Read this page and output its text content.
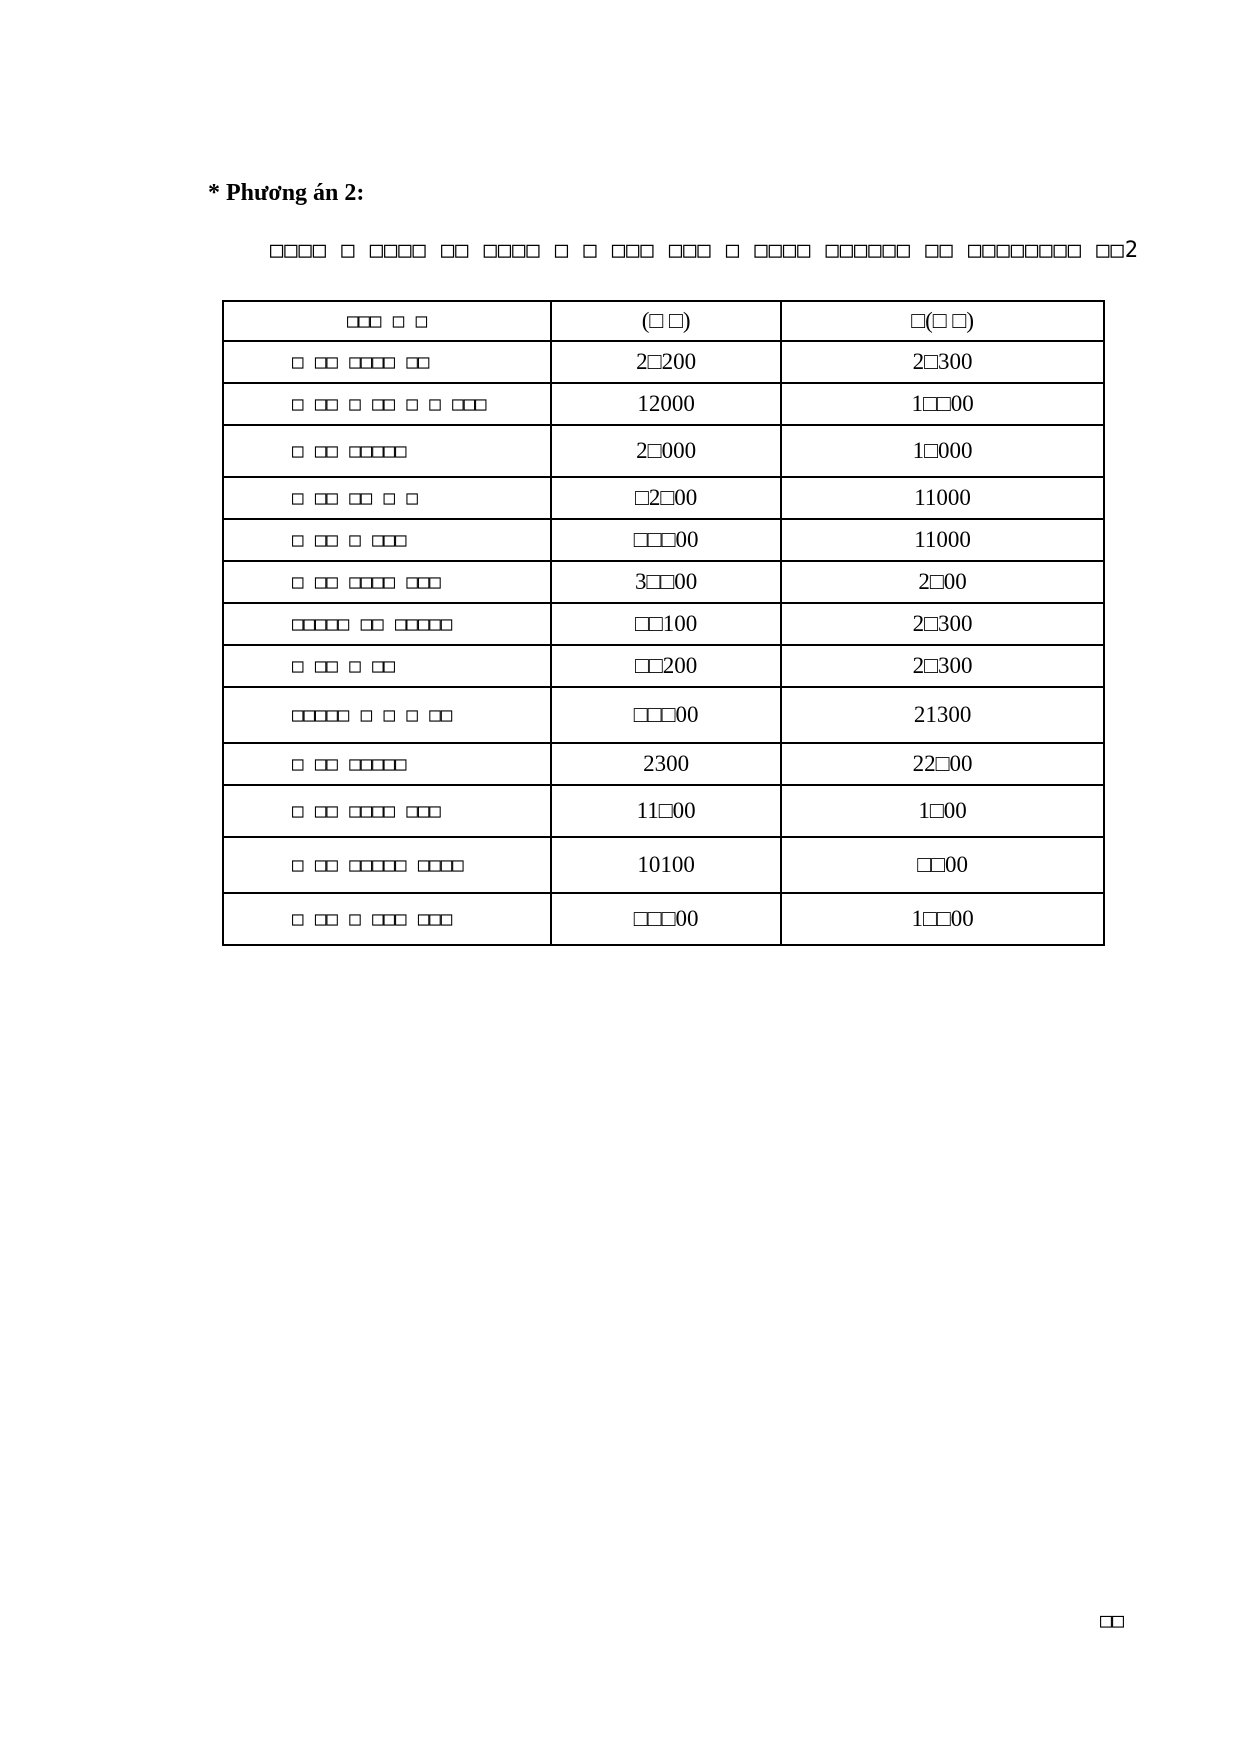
* Phương án 2:
□□□□ □ □□□□ □□ □□□□ □ □ □□□ □□□ □ □□□□ □□□□□□ □□ □□□□□□□□ □□2
□□□ □ □	(□ □)	□(□ □)
□ □□ □□□□ □□	2□200	2□300
□ □□ □ □□ □ □ □□□	12000	1□□00
□ □□ □□□□□	2□000	1□000
□ □□ □□ □ □	□2□00	11000
□ □□ □ □□□	□□□00	11000
□ □□ □□□□ □□□	3□□00	2□00
□□□□□ □□ □□□□□	□□100	2□300
□ □□ □ □□	□□200	2□300
□□□□□ □ □ □ □□	□□□00	21300
□ □□ □□□□□	2300	22□00
□ □□ □□□□ □□□	11□00	1□00
□ □□ □□□□□ □□□□	10100	□□00
□ □□ □ □□□ □□□	□□□00	1□□00
□□
